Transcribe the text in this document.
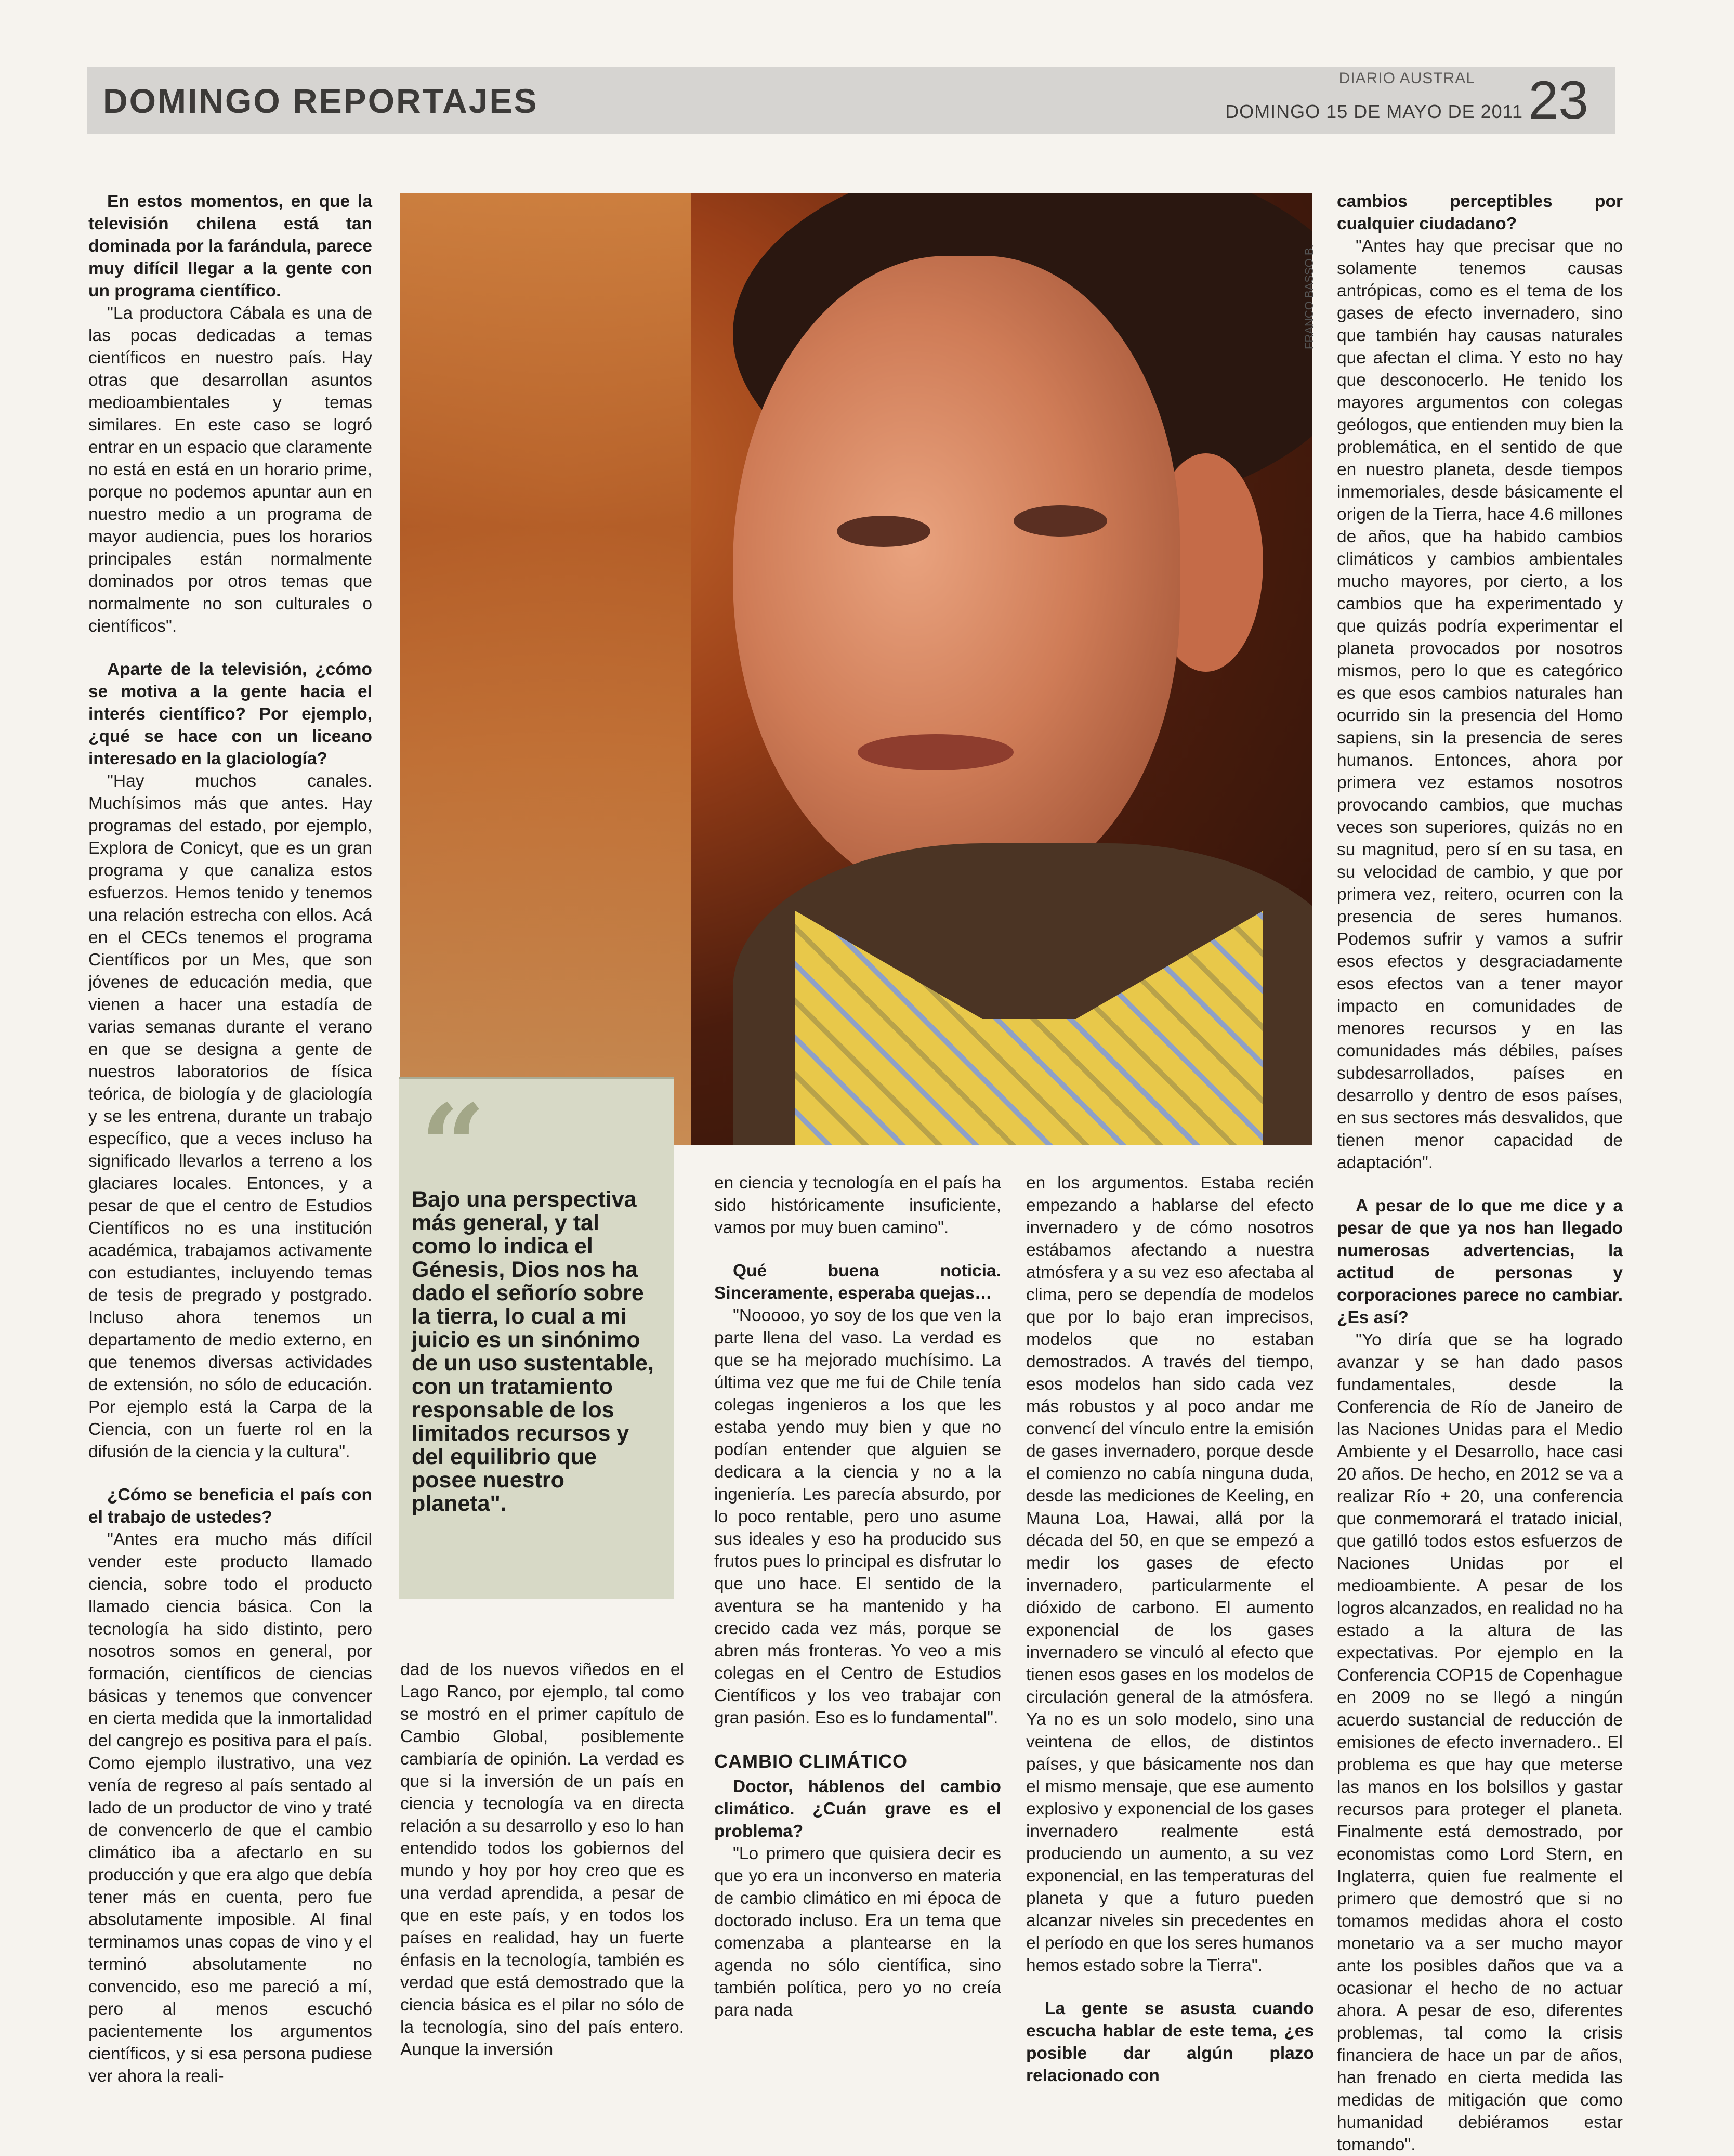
DOMINGO REPORTAJES
DIARIO AUSTRAL
DOMINGO 15 DE MAYO DE 2011 23

En estos momentos, en que la televisión chilena está tan dominada por la farándula, parece muy difícil llegar a la gente con un programa científico.

"La productora Cábala es una de las pocas dedicadas a temas científicos en nuestro país. Hay otras que desarrollan asuntos medioambientales y temas similares. En este caso se logró entrar en un espacio que claramente no está en está en un horario prime, porque no podemos apuntar aun en nuestro medio a un programa de mayor audiencia, pues los horarios principales están normalmente dominados por otros temas que normalmente no son culturales o científicos".

Aparte de la televisión, ¿cómo se motiva a la gente hacia el interés científico? Por ejemplo, ¿qué se hace con un liceano interesado en la glaciología?

"Hay muchos canales. Muchísimos más que antes. Hay programas del estado, por ejemplo, Explora de Conicyt, que es un gran programa y que canaliza estos esfuerzos. Hemos tenido y tenemos una relación estrecha con ellos. Acá en el CECs tenemos el programa Científicos por un Mes, que son jóvenes de educación media, que vienen a hacer una estadía de varias semanas durante el verano en que se designa a gente de nuestros laboratorios de física teórica, de biología y de glaciología y se les entrena, durante un trabajo específico, que a veces incluso ha significado llevarlos a terreno a los glaciares locales. Entonces, y a pesar de que el centro de Estudios Científicos no es una institución académica, trabajamos activamente con estudiantes, incluyendo temas de tesis de pregrado y postgrado. Incluso ahora tenemos un departamento de medio externo, en que tenemos diversas actividades de extensión, no sólo de educación. Por ejemplo está la Carpa de la Ciencia, con un fuerte rol en la difusión de la ciencia y la cultura".

¿Cómo se beneficia el país con el trabajo de ustedes?

"Antes era mucho más difícil vender este producto llamado ciencia, sobre todo el producto llamado ciencia básica. Con la tecnología ha sido distinto, pero nosotros somos en general, por formación, científicos de ciencias básicas y tenemos que convencer en cierta medida que la inmortalidad del cangrejo es positiva para el país. Como ejemplo ilustrativo, una vez venía de regreso al país sentado al lado de un productor de vino y traté de convencerlo de que el cambio climático iba a afectarlo en su producción y que era algo que debía tener más en cuenta, pero fue absolutamente imposible. Al final terminamos unas copas de vino y el terminó absolutamente no convencido, eso me pareció a mí, pero al menos escuchó pacientemente los argumentos científicos, y si esa persona pudiese ver ahora la reali-

FRANCO BASSO B.
“
Bajo una perspectiva más general, y tal como lo indica el Génesis, Dios nos ha dado el señorío sobre la tierra, lo cual a mi juicio es un sinónimo de un uso sustentable, con un tratamiento responsable de los limitados recursos y del equilibrio que posee nuestro planeta".

dad de los nuevos viñedos en el Lago Ranco, por ejemplo, tal como se mostró en el primer capítulo de Cambio Global, posiblemente cambiaría de opinión. La verdad es que si la inversión de un país en ciencia y tecnología va en directa relación a su desarrollo y eso lo han entendido todos los gobiernos del mundo y hoy por hoy creo que es una verdad aprendida, a pesar de que en este país, y en todos los países en realidad, hay un fuerte énfasis en la tecnología, también es verdad que está demostrado que la ciencia básica es el pilar no sólo de la tecnología, sino del país entero. Aunque la inversión

en ciencia y tecnología en el país ha sido históricamente insuficiente, vamos por muy buen camino".

Qué buena noticia. Sinceramente, esperaba quejas…

"Nooooo, yo soy de los que ven la parte llena del vaso. La verdad es que se ha mejorado muchísimo. La última vez que me fui de Chile tenía colegas ingenieros a los que les estaba yendo muy bien y que no podían entender que alguien se dedicara a la ciencia y no a la ingeniería. Les parecía absurdo, por lo poco rentable, pero uno asume sus ideales y eso ha producido sus frutos pues lo principal es disfrutar lo que uno hace. El sentido de la aventura se ha mantenido y ha crecido cada vez más, porque se abren más fronteras. Yo veo a mis colegas en el Centro de Estudios Científicos y los veo trabajar con gran pasión. Eso es lo fundamental".

CAMBIO CLIMÁTICO

Doctor, háblenos del cambio climático. ¿Cuán grave es el problema?

"Lo primero que quisiera decir es que yo era un inconverso en materia de cambio climático en mi época de doctorado incluso. Era un tema que comenzaba a plantearse en la agenda no sólo científica, sino también política, pero yo no creía para nada

en los argumentos. Estaba recién empezando a hablarse del efecto invernadero y de cómo nosotros estábamos afectando a nuestra atmósfera y a su vez eso afectaba al clima, pero se dependía de modelos que por lo bajo eran imprecisos, modelos que no estaban demostrados. A través del tiempo, esos modelos han sido cada vez más robustos y al poco andar me convencí del vínculo entre la emisión de gases invernadero, porque desde el comienzo no cabía ninguna duda, desde las mediciones de Keeling, en Mauna Loa, Hawai, allá por la década del 50, en que se empezó a medir los gases de efecto invernadero, particularmente el dióxido de carbono. El aumento exponencial de los gases invernadero se vinculó al efecto que tienen esos gases en los modelos de circulación general de la atmósfera. Ya no es un solo modelo, sino una veintena de ellos, de distintos países, y que básicamente nos dan el mismo mensaje, que ese aumento explosivo y exponencial de los gases invernadero realmente está produciendo un aumento, a su vez exponencial, en las temperaturas del planeta y que a futuro pueden alcanzar niveles sin precedentes en el período en que los seres humanos hemos estado sobre la Tierra".

La gente se asusta cuando escucha hablar de este tema, ¿es posible dar algún plazo relacionado con

cambios perceptibles por cualquier ciudadano?

"Antes hay que precisar que no solamente tenemos causas antrópicas, como es el tema de los gases de efecto invernadero, sino que también hay causas naturales que afectan el clima. Y esto no hay que desconocerlo. He tenido los mayores argumentos con colegas geólogos, que entienden muy bien la problemática, en el sentido de que en nuestro planeta, desde tiempos inmemoriales, desde básicamente el origen de la Tierra, hace 4.6 millones de años, que ha habido cambios climáticos y cambios ambientales mucho mayores, por cierto, a los cambios que ha experimentado y que quizás podría experimentar el planeta provocados por nosotros mismos, pero lo que es categórico es que esos cambios naturales han ocurrido sin la presencia del Homo sapiens, sin la presencia de seres humanos. Entonces, ahora por primera vez estamos nosotros provocando cambios, que muchas veces son superiores, quizás no en su magnitud, pero sí en su tasa, en su velocidad de cambio, y que por primera vez, reitero, ocurren con la presencia de seres humanos. Podemos sufrir y vamos a sufrir esos efectos y desgraciadamente esos efectos van a tener mayor impacto en comunidades de menores recursos y en las comunidades más débiles, países subdesarrollados, países en desarrollo y dentro de esos países, en sus sectores más desvalidos, que tienen menor capacidad de adaptación".

A pesar de lo que me dice y a pesar de que ya nos han llegado numerosas advertencias, la actitud de personas y corporaciones parece no cambiar. ¿Es así?

"Yo diría que se ha logrado avanzar y se han dado pasos fundamentales, desde la Conferencia de Río de Janeiro de las Naciones Unidas para el Medio Ambiente y el Desarrollo, hace casi 20 años. De hecho, en 2012 se va a realizar Río + 20, una conferencia que conmemorará el tratado inicial, que gatilló todos estos esfuerzos de Naciones Unidas por el medioambiente. A pesar de los logros alcanzados, en realidad no ha estado a la altura de las expectativas. Por ejemplo en la Conferencia COP15 de Copenhague en 2009 no se llegó a ningún acuerdo sustancial de reducción de emisiones de efecto invernadero.. El problema es que hay que meterse las manos en los bolsillos y gastar recursos para proteger el planeta. Finalmente está demostrado, por economistas como Lord Stern, en Inglaterra, quien fue realmente el primero que demostró que si no tomamos medidas ahora el costo monetario va a ser mucho mayor ante los posibles daños que va a ocasionar el hecho de no actuar ahora. A pesar de eso, diferentes problemas, tal como la crisis financiera de hace un par de años, han frenado en cierta medida las medidas de mitigación que como humanidad debiéramos estar tomando".
